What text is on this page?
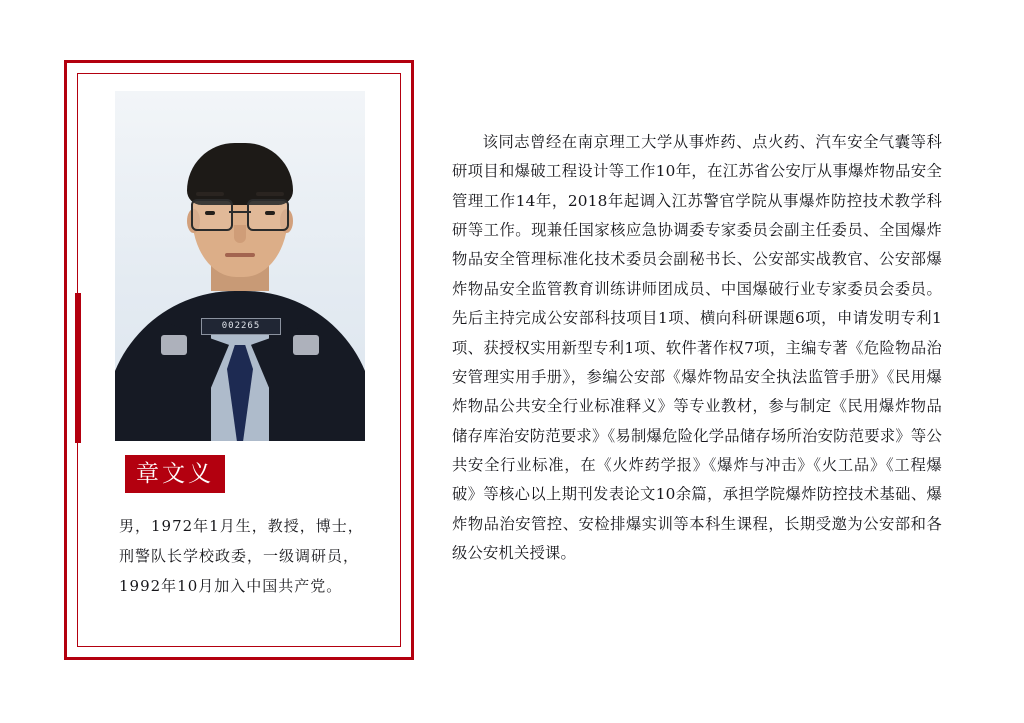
002265
章文义
男，1972年1月生，教授，博士，刑警队长学校政委，一级调研员，1992年10月加入中国共产党。
该同志曾经在南京理工大学从事炸药、点火药、汽车安全气囊等科研项目和爆破工程设计等工作10年，在江苏省公安厅从事爆炸物品安全管理工作14年，2018年起调入江苏警官学院从事爆炸防控技术教学科研等工作。现兼任国家核应急协调委专家委员会副主任委员、全国爆炸物品安全管理标准化技术委员会副秘书长、公安部实战教官、公安部爆炸物品安全监管教育训练讲师团成员、中国爆破行业专家委员会委员。先后主持完成公安部科技项目1项、横向科研课题6项，申请发明专利1项、获授权实用新型专利1项、软件著作权7项，主编专著《危险物品治安管理实用手册》，参编公安部《爆炸物品安全执法监管手册》《民用爆炸物品公共安全行业标准释义》等专业教材，参与制定《民用爆炸物品储存库治安防范要求》《易制爆危险化学品储存场所治安防范要求》等公共安全行业标准，在《火炸药学报》《爆炸与冲击》《火工品》《工程爆破》等核心以上期刊发表论文10余篇，承担学院爆炸防控技术基础、爆炸物品治安管控、安检排爆实训等本科生课程，长期受邀为公安部和各级公安机关授课。
